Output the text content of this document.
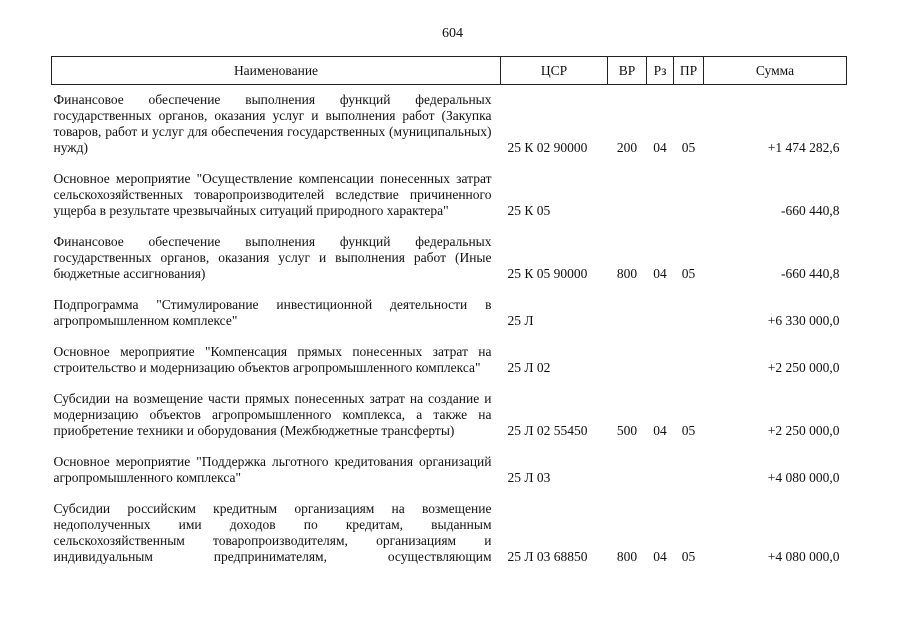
604
Наименование	ЦСР	ВР	Рз	ПР	Сумма
Финансовое обеспечение выполнения функций федеральных государственных органов, оказания услуг и выполнения работ (Закупка товаров, работ и услуг для обеспечения государственных (муниципальных) нужд)	25 К 02 90000	200	04	05	+1 474 282,6
Основное мероприятие "Осуществление компенсации понесенных затрат сельскохозяйственных товаропроизводителей вследствие причиненного ущерба в результате чрезвычайных ситуаций природного характера"	25 К 05				-660 440,8
Финансовое обеспечение выполнения функций федеральных государственных органов, оказания услуг и выполнения работ (Иные бюджетные ассигнования)	25 К 05 90000	800	04	05	-660 440,8
Подпрограмма "Стимулирование инвестиционной деятельности в агропромышленном комплексе"	25 Л				+6 330 000,0
Основное мероприятие "Компенсация прямых понесенных затрат на строительство и модернизацию объектов агропромышленного комплекса"	25 Л 02				+2 250 000,0
Субсидии на возмещение части прямых понесенных затрат на создание и модернизацию объектов агропромышленного комплекса, а также на приобретение техники и оборудования (Межбюджетные трансферты)	25 Л 02 55450	500	04	05	+2 250 000,0
Основное мероприятие "Поддержка льготного кредитования организаций агропромышленного комплекса"	25 Л 03				+4 080 000,0
Субсидии российским кредитным организациям на возмещение недополученных ими доходов по кредитам, выданным сельскохозяйственным товаропроизводителям, организациям и индивидуальным предпринимателям, осуществляющим	25 Л 03 68850	800	04	05	+4 080 000,0
